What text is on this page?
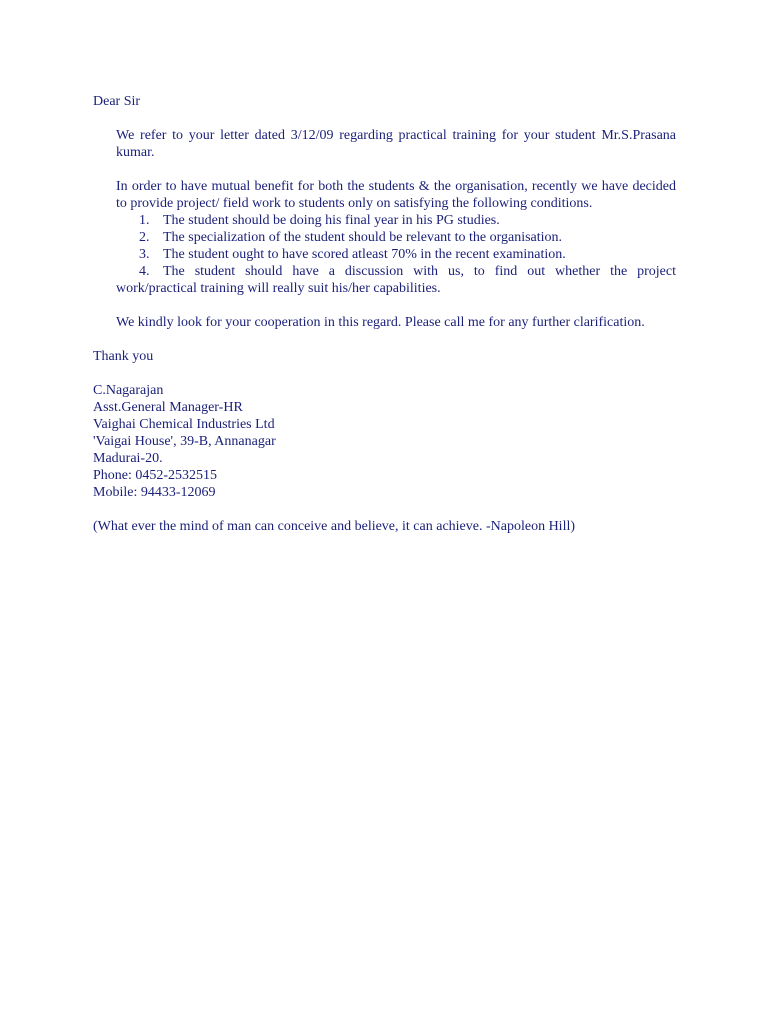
Dear Sir

We refer to your letter dated 3/12/09 regarding practical training for your student Mr.S.Prasana kumar.

In order to have mutual benefit for both the students & the organisation, recently we have decided to provide project/ field work to students only on satisfying the following conditions.

1. The student should be doing his final year in his PG studies.
2. The specialization of the student should be relevant to the organisation.
3. The student ought to have scored atleast 70% in the recent examination.
4. The student should have a discussion with us, to find out whether the project work/practical training will really suit his/her capabilities.

We kindly look for your cooperation in this regard. Please call me for any further clarification.

Thank you

C.Nagarajan

Asst.General Manager-HR

Vaighai Chemical Industries Ltd

'Vaigai House', 39-B, Annanagar

Madurai-20.

Phone: 0452-2532515

Mobile: 94433-12069

(What ever the mind of man can conceive and believe, it can achieve. -Napoleon Hill)
